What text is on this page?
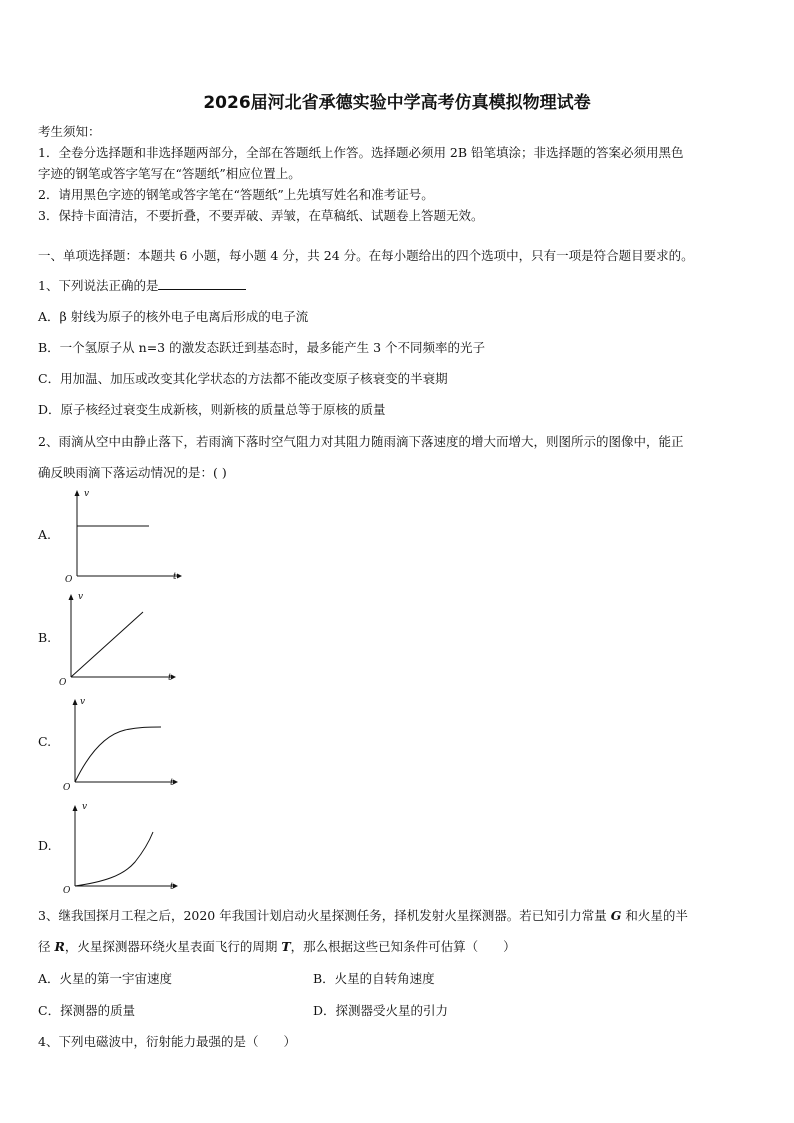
2026届河北省承德实验中学高考仿真模拟物理试卷
考生须知：
1．全卷分选择题和非选择题两部分，全部在答题纸上作答。选择题必须用 2B 铅笔填涂；非选择题的答案必须用黑色
字迹的钢笔或答字笔写在“答题纸”相应位置上。
2．请用黑色字迹的钢笔或答字笔在“答题纸”上先填写姓名和准考证号。
3．保持卡面清洁，不要折叠，不要弄破、弄皱，在草稿纸、试题卷上答题无效。
一、单项选择题：本题共 6 小题，每小题 4 分，共 24 分。在每小题给出的四个选项中，只有一项是符合题目要求的。
1、下列说法正确的是
A．β 射线为原子的核外电子电离后形成的电子流
B．一个氢原子从 n=3 的激发态跃迁到基态时，最多能产生 3 个不同频率的光子
C．用加温、加压或改变其化学状态的方法都不能改变原子核衰变的半衰期
D．原子核经过衰变生成新核，则新核的质量总等于原核的质量
2、雨滴从空中由静止落下，若雨滴下落时空气阻力对其阻力随雨滴下落速度的增大而增大，则图所示的图像中，能正
确反映雨滴下落运动情况的是：( )
A.
v
t
O
B.
v
t
O
C.
v
t
O
D.
v
t
O
3、继我国探月工程之后，2020 年我国计划启动火星探测任务，择机发射火星探测器。若已知引力常量 G 和火星的半
径 R，火星探测器环绕火星表面飞行的周期 T，那么根据这些已知条件可估算（　　）
A．火星的第一宇宙速度	B．火星的自转角速度
C．探测器的质量	D．探测器受火星的引力
4、下列电磁波中，衍射能力最强的是（　　）
